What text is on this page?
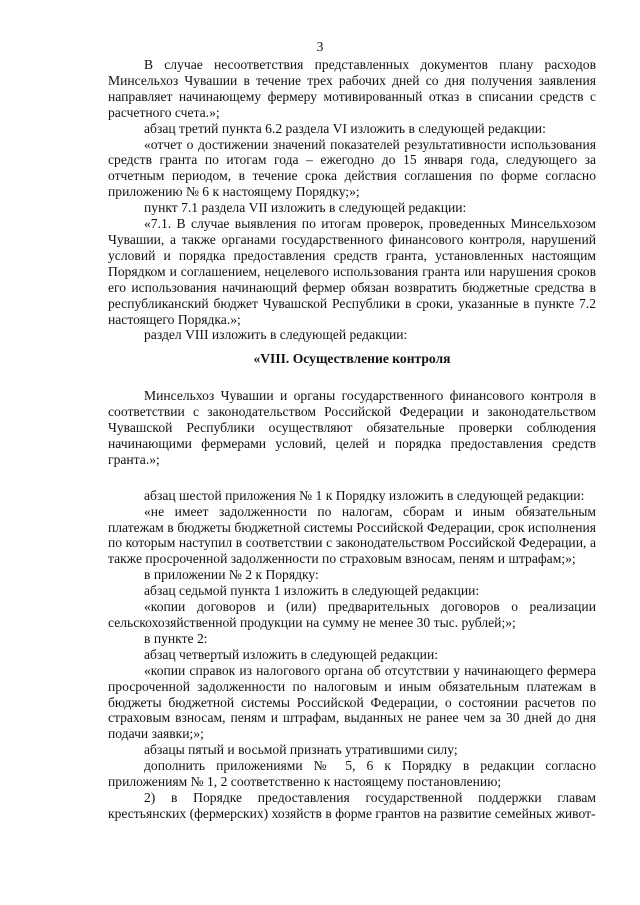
3

В случае несоответствия представленных документов плану расходов Минсельхоз Чувашии в течение трех рабочих дней со дня получения заявления направляет начинающему фермеру мотивированный отказ в списании средств с расчетного счета.»;

абзац третий пункта 6.2 раздела VI изложить в следующей редакции:

«отчет о достижении значений показателей результативности использования средств гранта по итогам года – ежегодно до 15 января года, следующего за отчетным периодом, в течение срока действия соглашения по форме согласно приложению № 6 к настоящему Порядку;»;

пункт 7.1 раздела VII изложить в следующей редакции:

«7.1. В случае выявления по итогам проверок, проведенных Минсельхозом Чувашии, а также органами государственного финансового контроля, нарушений условий и порядка предоставления средств гранта, установленных настоящим Порядком и соглашением, нецелевого использования гранта или нарушения сроков его использования начинающий фермер обязан возвратить бюджетные средства в республиканский бюджет Чувашской Республики в сроки, указанные в пункте 7.2 настоящего Порядка.»;

раздел VIII изложить в следующей редакции:

«VIII. Осуществление контроля

Минсельхоз Чувашии и органы государственного финансового контроля в соответствии с законодательством Российской Федерации и законодательством Чувашской Республики осуществляют обязательные проверки соблюдения начинающими фермерами условий, целей и порядка предоставления средств гранта.»;

абзац шестой приложения № 1 к Порядку изложить в следующей редакции:

«не имеет задолженности по налогам, сборам и иным обязательным платежам в бюджеты бюджетной системы Российской Федерации, срок исполнения по которым наступил в соответствии с законодательством Российской Федерации, а также просроченной задолженности по страховым взносам, пеням и штрафам;»;

в приложении № 2 к Порядку:

абзац седьмой пункта 1 изложить в следующей редакции:

«копии договоров и (или) предварительных договоров о реализации сельскохозяйственной продукции на сумму не менее 30 тыс. рублей;»;

в пункте 2:

абзац четвертый изложить в следующей редакции:

«копии справок из налогового органа об отсутствии у начинающего фермера просроченной задолженности по налоговым и иным обязательным платежам в бюджеты бюджетной системы Российской Федерации, о состоянии расчетов по страховым взносам, пеням и штрафам, выданных не ранее чем за 30 дней до дня подачи заявки;»;

абзацы пятый и восьмой признать утратившими силу;

дополнить приложениями № 5, 6 к Порядку в редакции согласно приложениям № 1, 2 соответственно к настоящему постановлению;

2) в Порядке предоставления государственной поддержки главам крестьянских (фермерских) хозяйств в форме грантов на развитие семейных живот-
